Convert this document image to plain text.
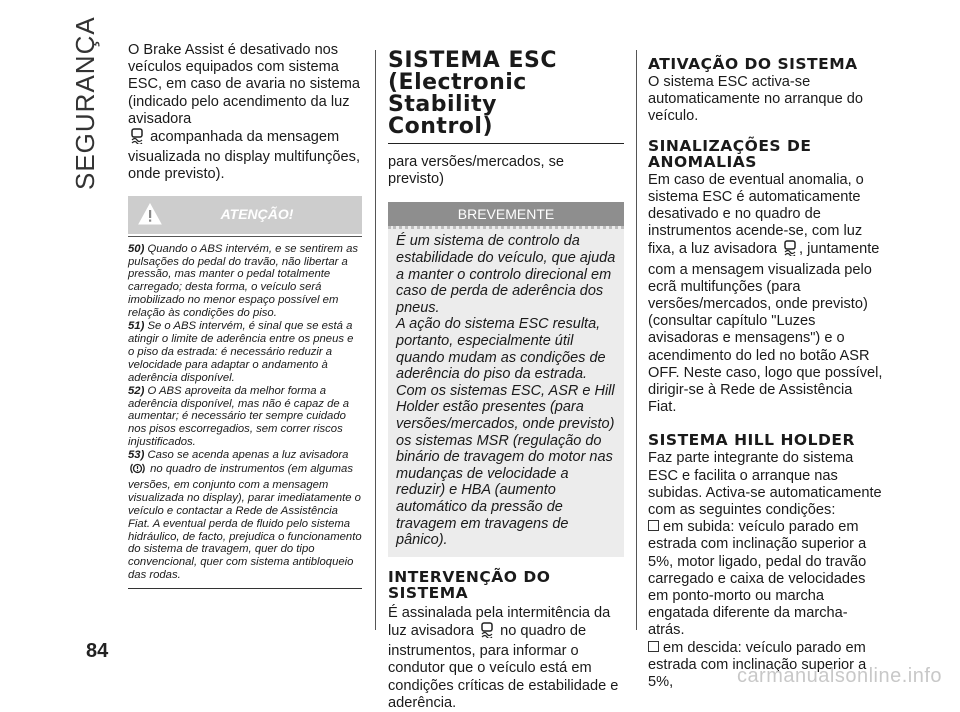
SEGURANÇA
84

O Brake Assist é desativado nos veículos equipados com sistema ESC, em caso de avaria no sistema (indicado pelo acendimento da luz avisadora
acompanhada da mensagem visualizada no display multifunções, onde previsto).

ATENÇÃO!

50) Quando o ABS intervém, e se sentirem as pulsações do pedal do travão, não libertar a pressão, mas manter o pedal totalmente carregado; desta forma, o veículo será imobilizado no menor espaço possível em relação às condições do piso.

51) Se o ABS intervém, é sinal que se está a atingir o limite de aderência entre os pneus e o piso da estrada: é necessário reduzir a velocidade para adaptar o andamento à aderência disponível.

52) O ABS aproveita da melhor forma a aderência disponível, mas não é capaz de a aumentar; é necessário ter sempre cuidado nos pisos escorregadios, sem correr riscos injustificados.

53) Caso se acenda apenas a luz avisadora  no quadro de instrumentos (em algumas versões, em conjunto com a mensagem visualizada no display), parar imediatamente o veículo e contactar a Rede de Assistência Fiat. A eventual perda de fluido pelo sistema hidráulico, de facto, prejudica o funcionamento do sistema de travagem, quer do tipo convencional, quer com sistema antibloqueio das rodas.

SISTEMA ESC
(Electronic Stability
Control)

para versões/mercados, se previsto)

BREVEMENTE

É um sistema de controlo da estabilidade do veículo, que ajuda a manter o controlo direcional em caso de perda de aderência dos pneus.

A ação do sistema ESC resulta, portanto, especialmente útil quando mudam as condições de aderência do piso da estrada.

Com os sistemas ESC, ASR e Hill Holder estão presentes (para versões/mercados, onde previsto) os sistemas MSR (regulação do binário de travagem do motor nas mudanças de velocidade a reduzir) e HBA (aumento automático da pressão de travagem em travagens de pânico).

INTERVENÇÃO DO
SISTEMA

É assinalada pela intermitência da luz avisadora no quadro de instrumentos, para informar o condutor que o veículo está em condições críticas de estabilidade e aderência.

ATIVAÇÃO DO SISTEMA

O sistema ESC activa-se automaticamente no arranque do veículo.

SINALIZAÇÕES DE
ANOMALIAS

Em caso de eventual anomalia, o sistema ESC é automaticamente desativado e no quadro de instrumentos acende-se, com luz fixa, a luz avisadora , juntamente com a mensagem visualizada pelo ecrã multifunções (para versões/mercados, onde previsto) (consultar capítulo "Luzes avisadoras e mensagens") e o acendimento do led no botão ASR OFF. Neste caso, logo que possível, dirigir-se à Rede de Assistência Fiat.

SISTEMA HILL HOLDER

Faz parte integrante do sistema ESC e facilita o arranque nas subidas. Activa-se automaticamente com as seguintes condições:

em subida: veículo parado em estrada com inclinação superior a 5%, motor ligado, pedal do travão carregado e caixa de velocidades em ponto-morto ou marcha engatada diferente da marcha-atrás.

em descida: veículo parado em estrada com inclinação superior a 5%,	carmanualsonline.info
